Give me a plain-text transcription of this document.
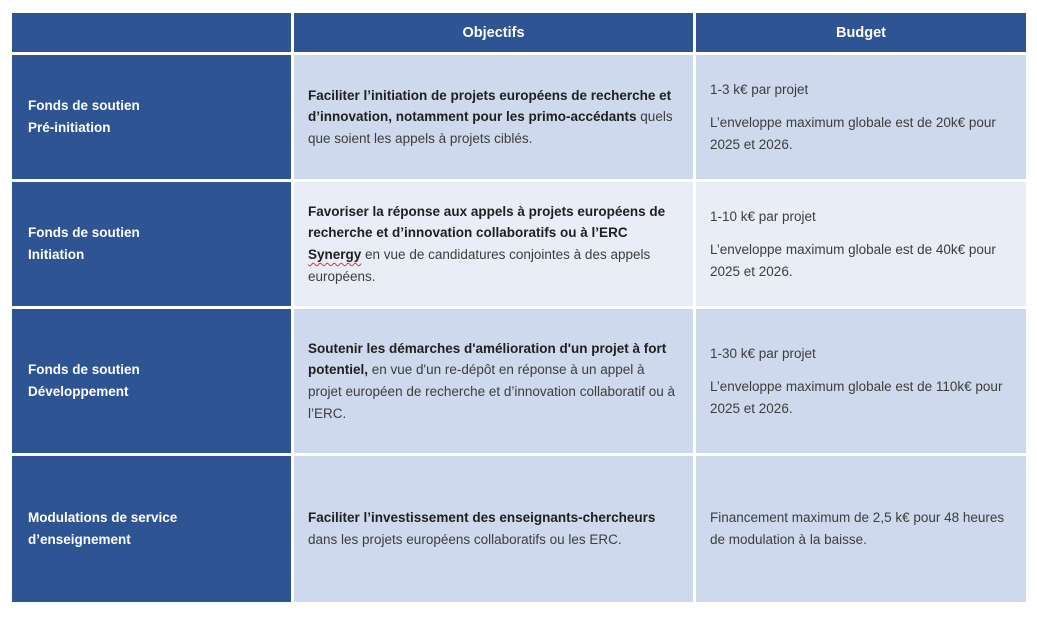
Objectifs	Budget
Fonds de soutien
Pré-initiation

Faciliter l’initiation de projets européens de recherche et d’innovation, notamment pour les primo-accédants quels que soient les appels à projets ciblés.

1-3 k€ par projet

L’enveloppe maximum globale est de 20k€ pour 2025 et 2026.

Fonds de soutien
Initiation

Favoriser la réponse aux appels à projets européens de recherche et d’innovation collaboratifs ou à l’ERC Synergy en vue de candidatures conjointes à des appels européens.

1-10 k€ par projet

L’enveloppe maximum globale est de 40k€ pour 2025 et 2026.

Fonds de soutien
Développement

Soutenir les démarches d'amélioration d'un projet à fort potentiel, en vue d'un re-dépôt en réponse à un appel à projet européen de recherche et d’innovation collaboratif ou à l’ERC.

1-30 k€ par projet

L’enveloppe maximum globale est de 110k€ pour 2025 et 2026.

Modulations de service
d’enseignement

Faciliter l’investissement des enseignants-chercheurs dans les projets européens collaboratifs ou les ERC.

Financement maximum de 2,5 k€ pour 48 heures de modulation à la baisse.
